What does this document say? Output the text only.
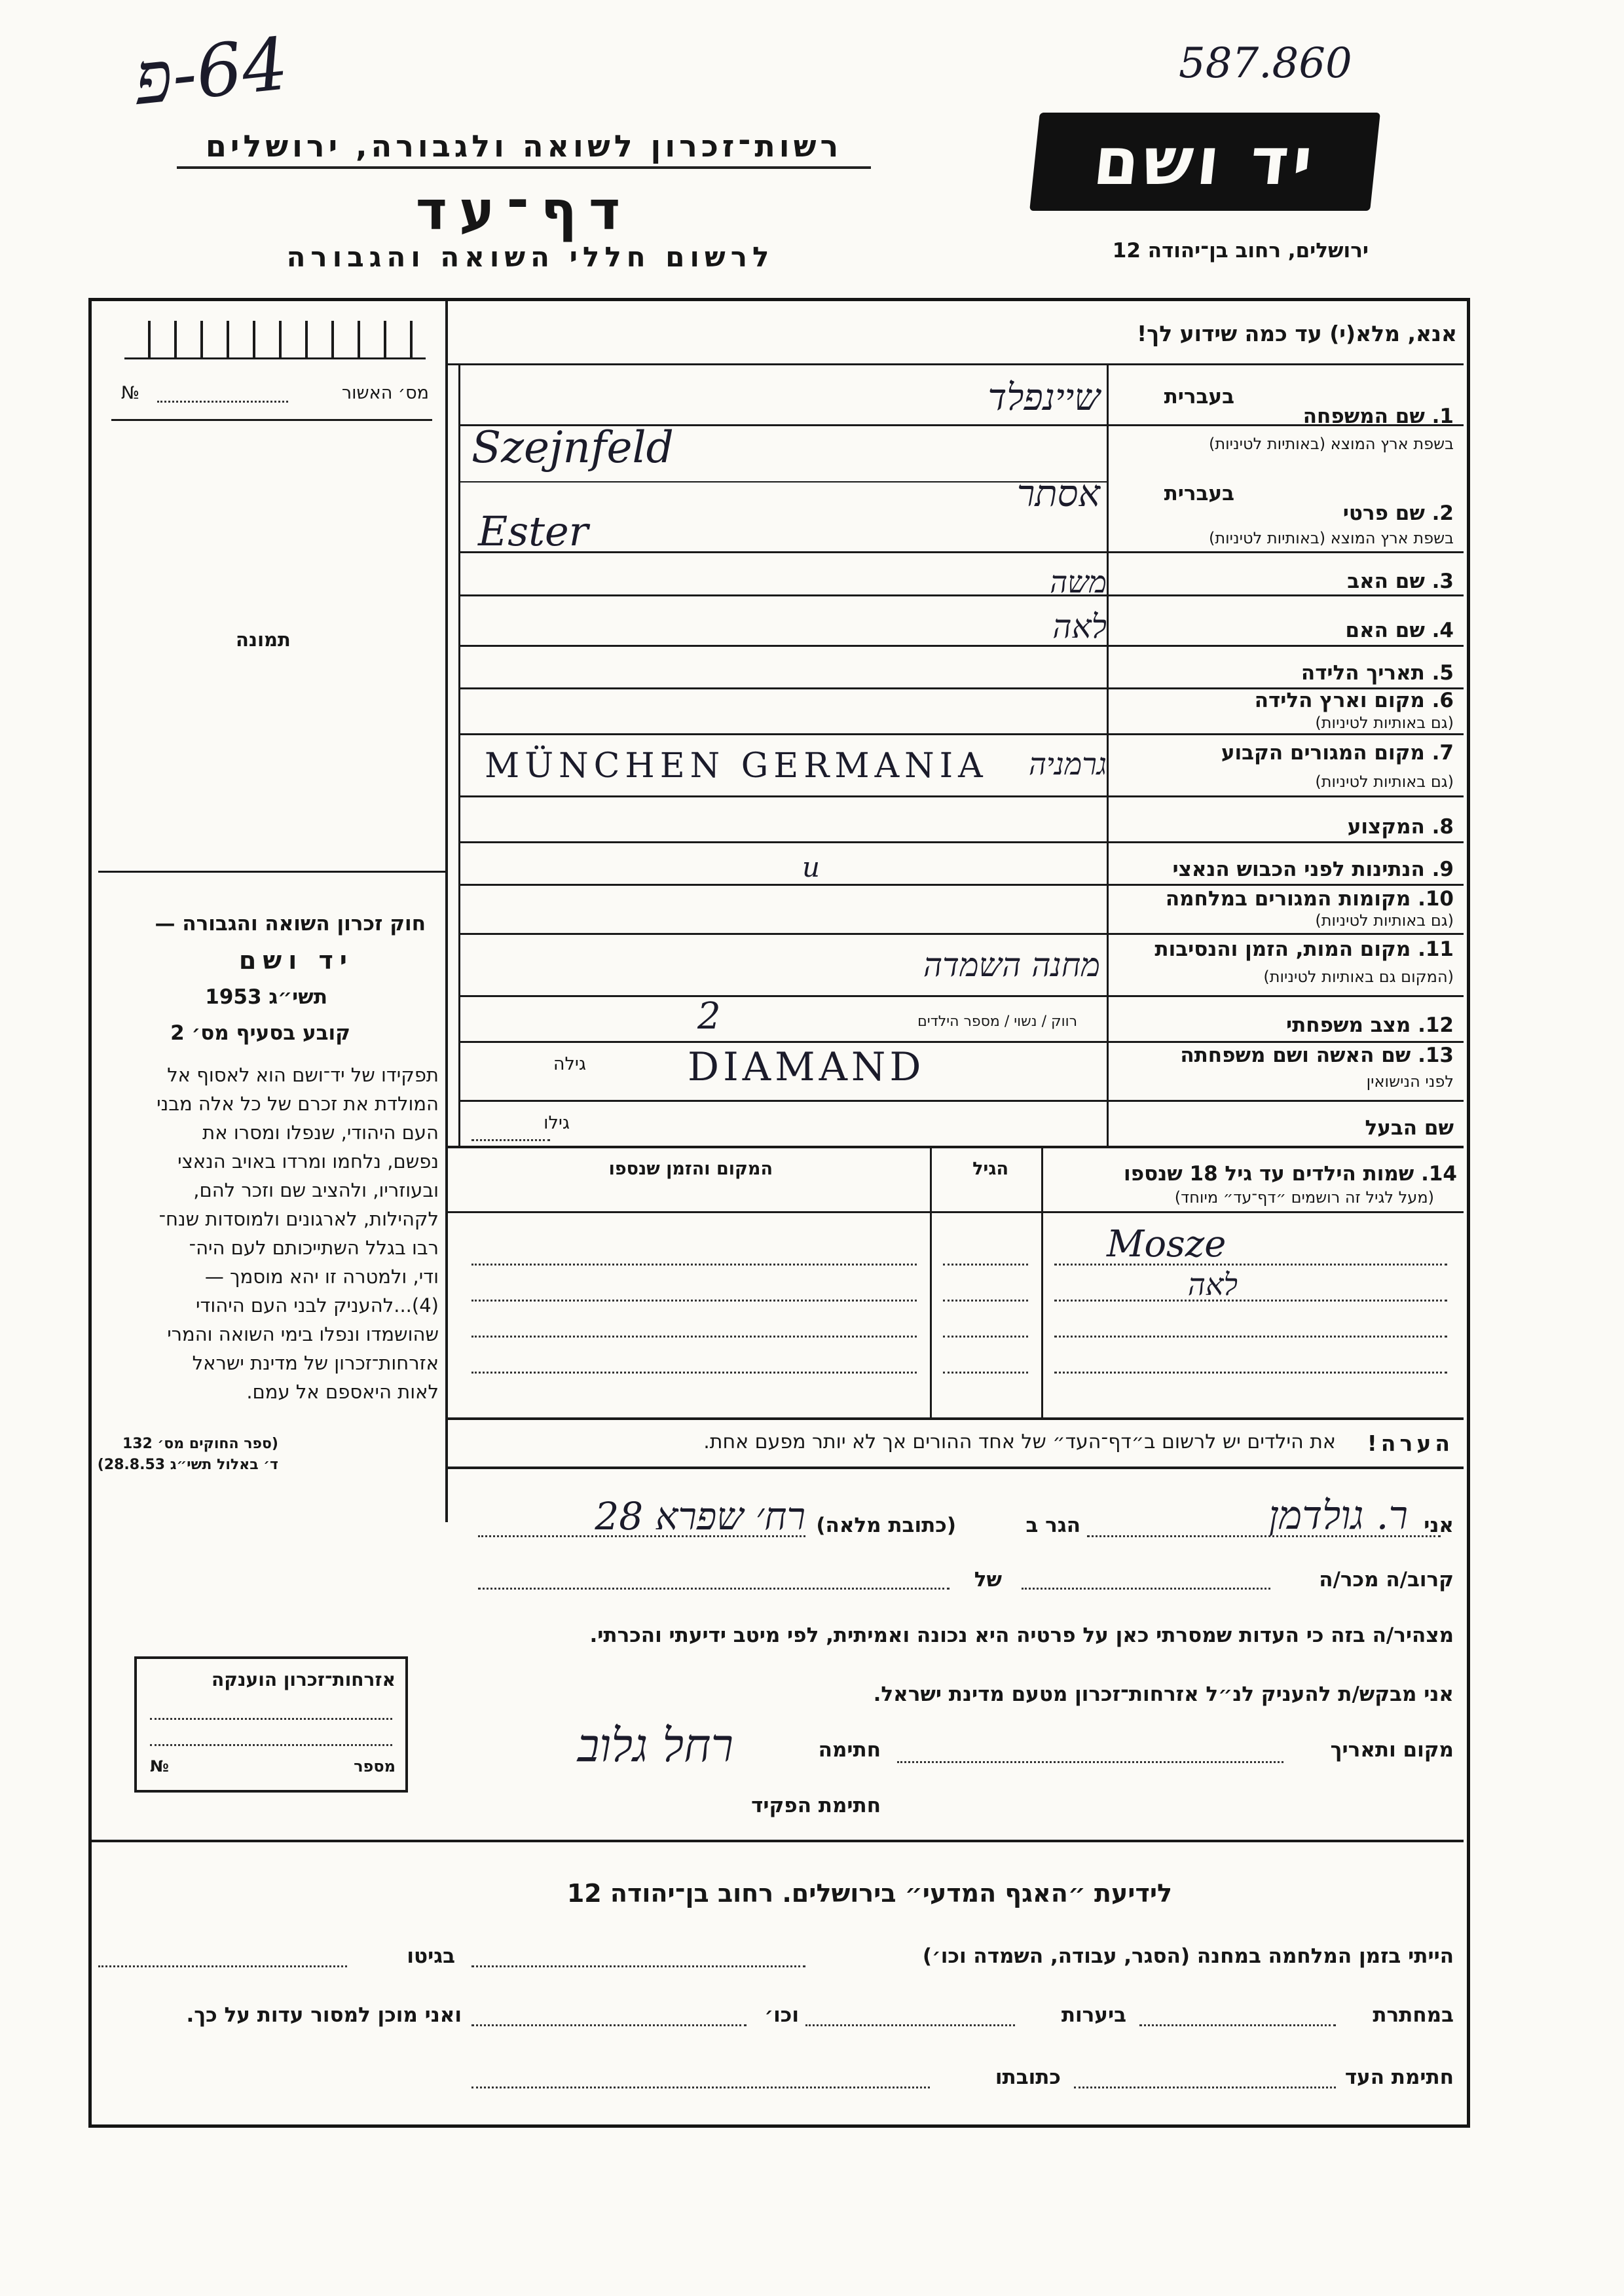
64-פ	587.860
רשות־זכרון לשואה ולגבורה, ירושלים
דף־עד
לרשום חללי השואה והגבורה
יד ושם
ירושלים, רחוב בן־יהודה 12
אנא, מלא(י) עד כמה שידוע לך!
מס׳ האשור
№
תמונה
בעברית
1. שם המשפחה
בשפת ארץ המוצא (באותיות לטיניות)
בעברית
2. שם פרטי
בשפת ארץ המוצא (באותיות לטיניות)
3. שם האב
4. שם האם
5. תאריך הלידה
6. מקום וארץ הלידה
(גם באותיות לטיניות)
7. מקום המגורים הקבוע
(גם באותיות לטיניות)
8. המקצוע
9. הנתינות לפני הכבוש הנאצי
10. מקומות המגורים במלחמה
(גם באותיות לטיניות)
11. מקום המות, הזמן והנסיבות
(המקום גם באותיות לטיניות)
12. מצב משפחתי
רווק / נשוי / מספר הילדים
13. שם האשה ושם משפחתה
לפני הנישואין
גילה
שם הבעל
גילו
שיינפלד
Szejnfeld
אסתר
Ester
משה
לאה
MÜNCHEN GERMANIA גרמניה
u
מחנה השמדה
2
DIAMAND
14. שמות הילדים עד גיל 18 שנספו
(מעל לגיל זה רושמים ״דף־עד״ מיוחד)
הגיל
המקום והזמן שנספו
Mosze
לאה
הערה!
את הילדים יש לרשום ב״דף־העד״ של אחד ההורים אך לא יותר מפעם אחת.
חוק זכרון השואה והגבורה —
יד ושם
תשי״ג 1953
קובע בסעיף מס׳ 2
תפקידו של יד־ושם הוא לאסוף אל
המולדת את זכרם של כל אלה מבני
העם היהודי, שנפלו ומסרו את
נפשם, נלחמו ומרדו באויב הנאצי
ובעוזריו, ולהציב שם וזכר להם,
לקהילות, לארגונים ולמוסדות שנח־
רבו בגלל השתייכותם לעם היה־
ודי, ולמטרה זו יהא מוסמך —
(4)...להעניק לבני העם היהודי
שהושמדו ונפלו בימי השואה והמרי
אזרחות־זכרון של מדינת ישראל
לאות היאספם אל עמם.
(ספר החוקים מס׳ 132
ד׳ באלול תשי״ג 28.8.53)
אני
ר. גולדמן
הגר ב
(כתובת מלאה)
רח׳ שפרא 28
קרוב/ה מכר/ה
של
מצהיר/ה בזה כי העדות שמסרתי כאן על פרטיה היא נכונה ואמיתית, לפי מיטב ידיעתי והכרתי.
אני מבקש/ת להעניק לנ״ל אזרחות־זכרון מטעם מדינת ישראל.
מקום ותאריך
חתימה
רחל גלוב
חתימת הפקיד
אזרחות־זכרון הוענקה
מספר
№
לידיעת ״האגף המדעי״ בירושלים. רחוב בן־יהודה 12
הייתי בזמן המלחמה במחנה (הסגר, עבודה, השמדה וכו׳)
בגיטו
במחתרת
ביערות
וכו׳
ואני מוכן למסור עדות על כך.
חתימת העד
כתובתו
